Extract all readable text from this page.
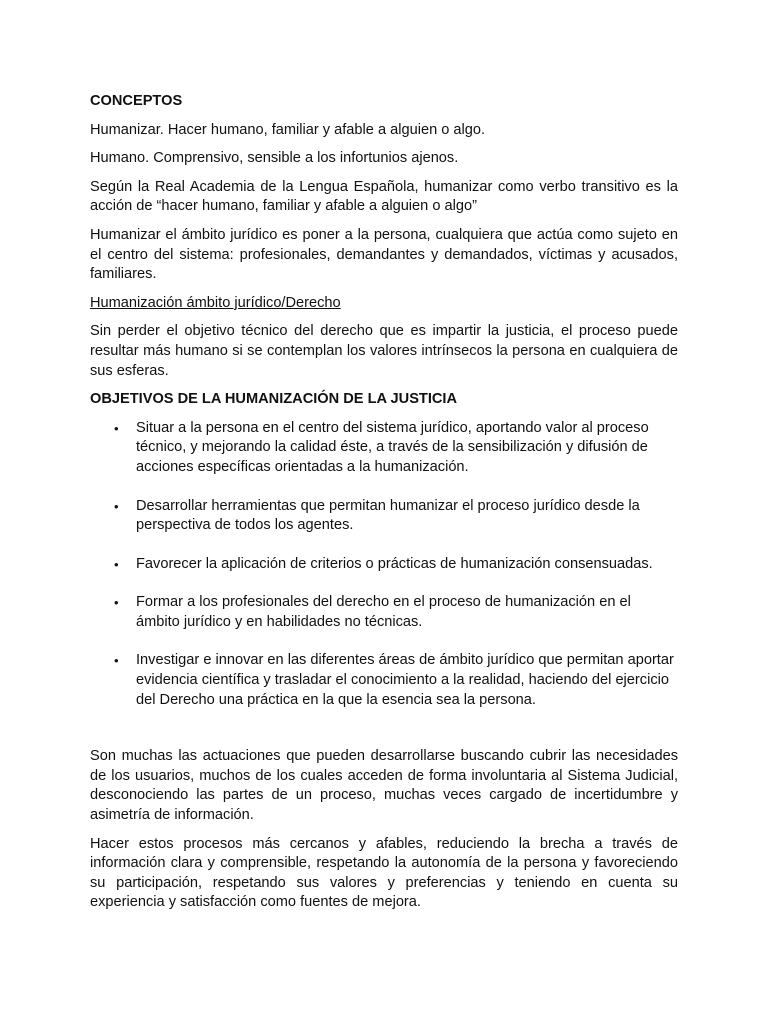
CONCEPTOS
Humanizar. Hacer humano, familiar y afable a alguien o algo.
Humano. Comprensivo, sensible a los infortunios ajenos.
Según la Real Academia de la Lengua Española, humanizar como verbo transitivo es la acción de “hacer humano, familiar y afable a alguien o algo”
Humanizar el ámbito jurídico es poner a la persona, cualquiera que actúa como sujeto en el centro del sistema: profesionales, demandantes y demandados, víctimas y acusados, familiares.
Humanización ámbito jurídico/Derecho
Sin perder el objetivo técnico del derecho que es impartir la justicia, el proceso puede resultar más humano si se contemplan los valores intrínsecos la persona en cualquiera de sus esferas.
OBJETIVOS DE LA HUMANIZACIÓN DE LA JUSTICIA
• Situar a la persona en el centro del sistema jurídico, aportando valor al proceso técnico, y mejorando la calidad éste, a través de la sensibilización y difusión de acciones específicas orientadas a la humanización.
• Desarrollar herramientas que permitan humanizar el proceso jurídico desde la perspectiva de todos los agentes.
• Favorecer la aplicación de criterios o prácticas de humanización consensuadas.
• Formar a los profesionales del derecho en el proceso de humanización en el ámbito jurídico y en habilidades no técnicas.
• Investigar e innovar en las diferentes áreas de ámbito jurídico que permitan aportar evidencia científica y trasladar el conocimiento a la realidad, haciendo del ejercicio del Derecho una práctica en la que la esencia sea la persona.
Son muchas las actuaciones que pueden desarrollarse buscando cubrir las necesidades de los usuarios, muchos de los cuales acceden de forma involuntaria al Sistema Judicial, desconociendo las partes de un proceso, muchas veces cargado de incertidumbre y asimetría de información.
Hacer estos procesos más cercanos y afables, reduciendo la brecha a través de información clara y comprensible, respetando la autonomía de la persona y favoreciendo su participación, respetando sus valores y preferencias y teniendo en cuenta su experiencia y satisfacción como fuentes de mejora.
